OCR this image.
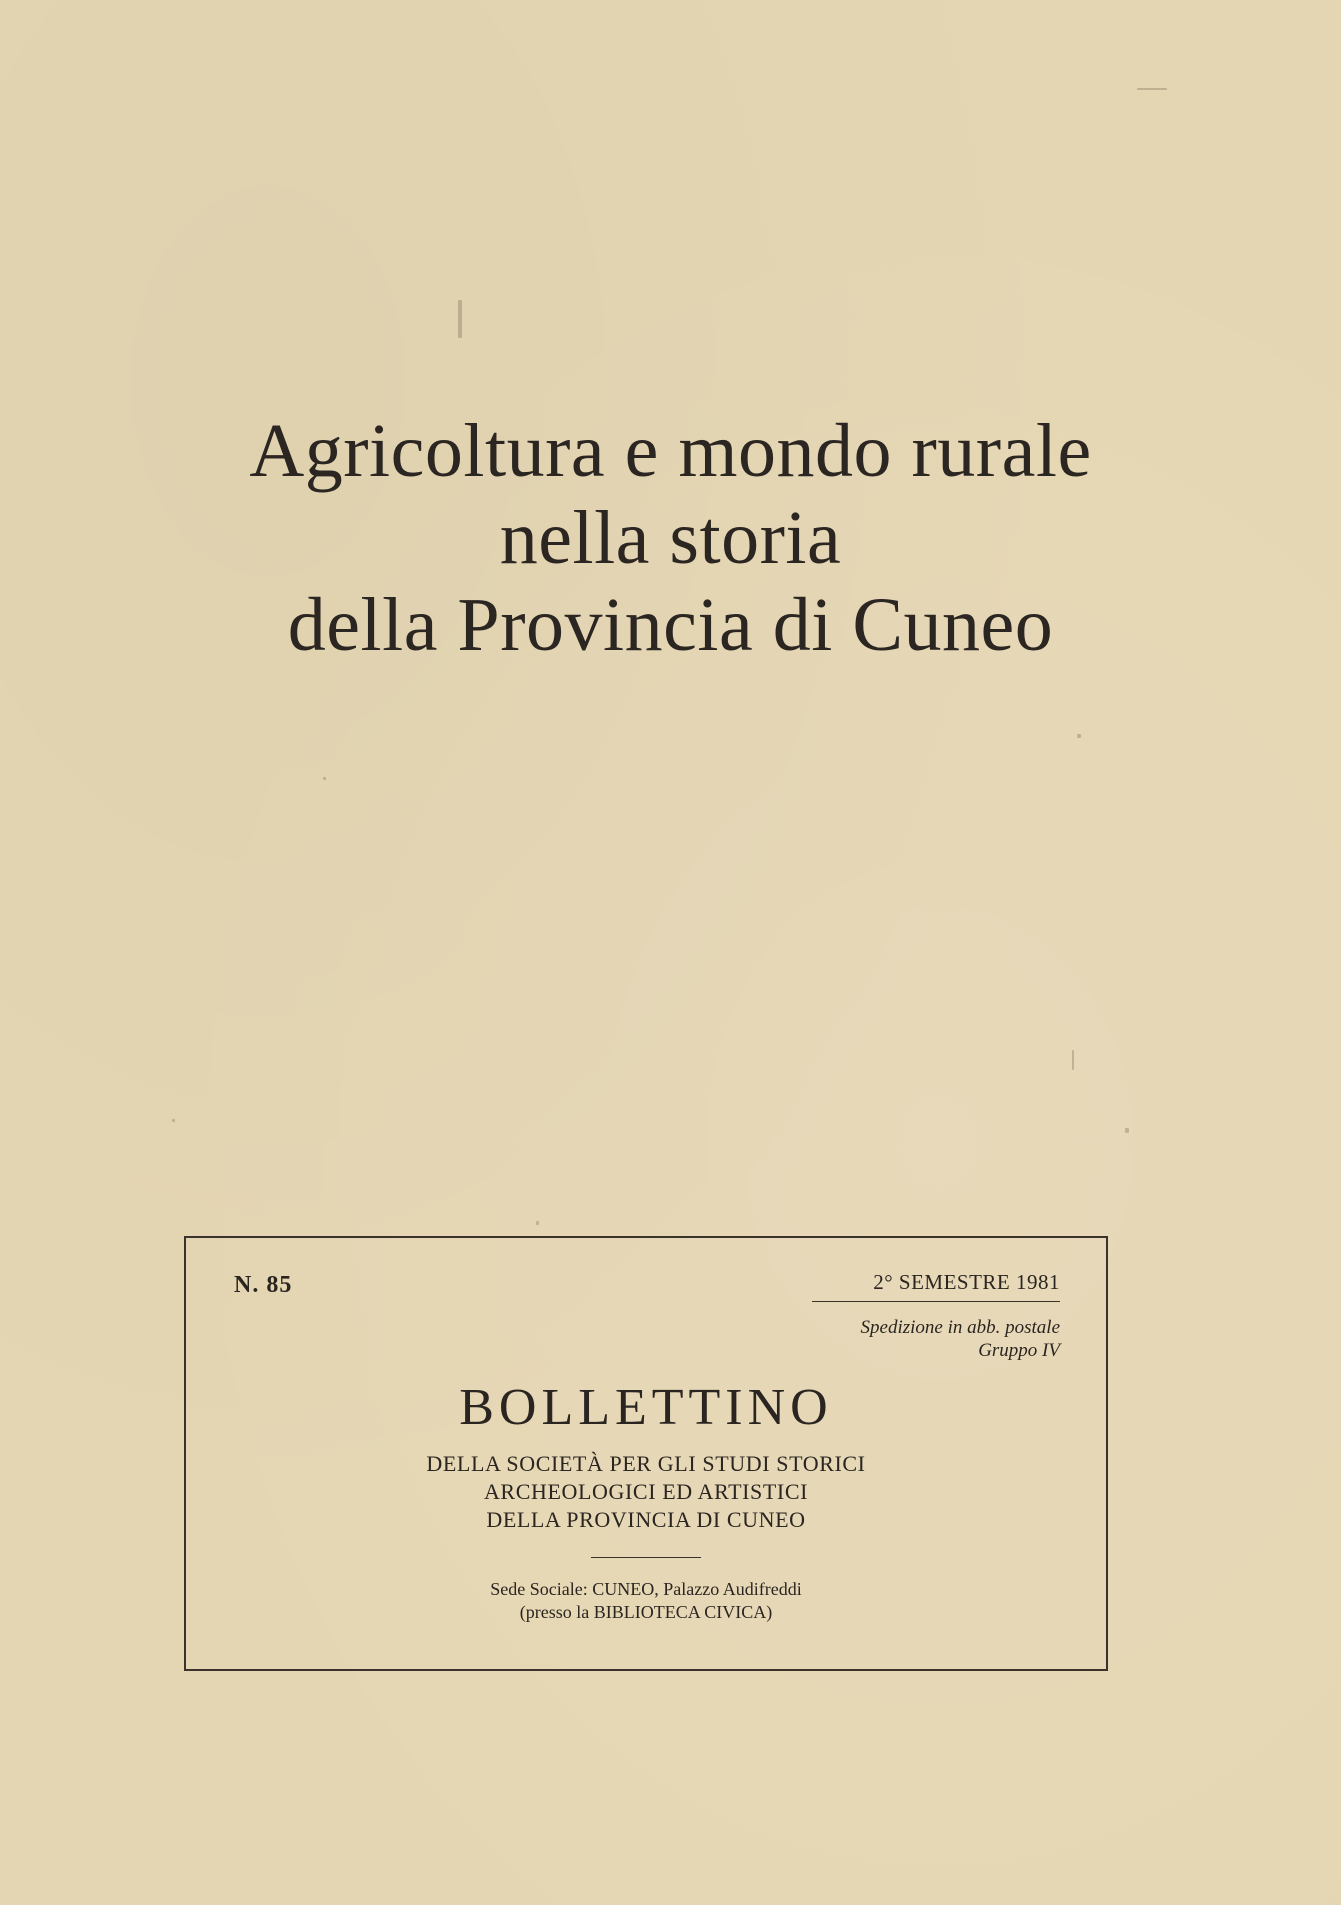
Agricoltura e mondo rurale
nella storia
della Provincia di Cuneo
N. 85	2° SEMESTRE 1981
Spedizione in abb. postale
Gruppo IV
BOLLETTINO
DELLA SOCIETÀ PER GLI STUDI STORICI
ARCHEOLOGICI ED ARTISTICI
DELLA PROVINCIA DI CUNEO
Sede Sociale: CUNEO, Palazzo Audifreddi
(presso la BIBLIOTECA CIVICA)
